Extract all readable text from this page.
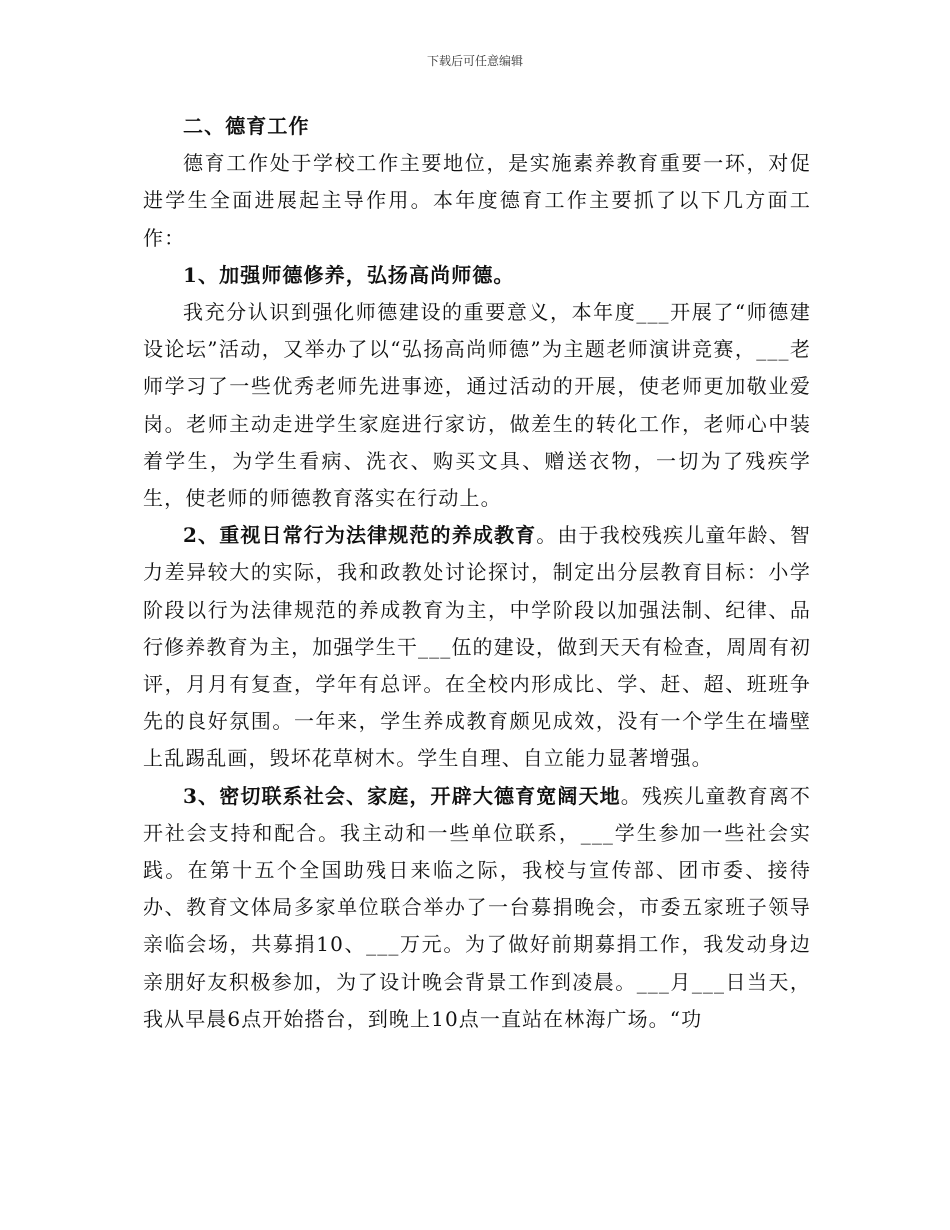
下载后可任意编辑

二、德育工作

德育工作处于学校工作主要地位，是实施素养教育重要一环，对促进学生全面进展起主导作用。本年度德育工作主要抓了以下几方面工作：

1、加强师德修养，弘扬高尚师德。

我充分认识到强化师德建设的重要意义，本年度___开展了“师德建设论坛”活动，又举办了以“弘扬高尚师德”为主题老师演讲竞赛，___老师学习了一些优秀老师先进事迹，通过活动的开展，使老师更加敬业爱岗。老师主动走进学生家庭进行家访，做差生的转化工作，老师心中装着学生，为学生看病、洗衣、购买文具、赠送衣物，一切为了残疾学生，使老师的师德教育落实在行动上。

2、重视日常行为法律规范的养成教育。由于我校残疾儿童年龄、智力差异较大的实际，我和政教处讨论探讨，制定出分层教育目标：小学阶段以行为法律规范的养成教育为主，中学阶段以加强法制、纪律、品行修养教育为主，加强学生干___伍的建设，做到天天有检查，周周有初评，月月有复查，学年有总评。在全校内形成比、学、赶、超、班班争先的良好氛围。一年来，学生养成教育颇见成效，没有一个学生在墙壁上乱踢乱画，毁坏花草树木。学生自理、自立能力显著增强。

3、密切联系社会、家庭，开辟大德育宽阔天地。残疾儿童教育离不开社会支持和配合。我主动和一些单位联系，___学生参加一些社会实践。在第十五个全国助残日来临之际，我校与宣传部、团市委、接待办、教育文体局多家单位联合举办了一台募捐晚会，市委五家班子领导亲临会场，共募捐10、___万元。为了做好前期募捐工作，我发动身边亲朋好友积极参加，为了设计晚会背景工作到凌晨。___月___日当天，我从早晨6点开始搭台，到晚上10点一直站在林海广场。“功
